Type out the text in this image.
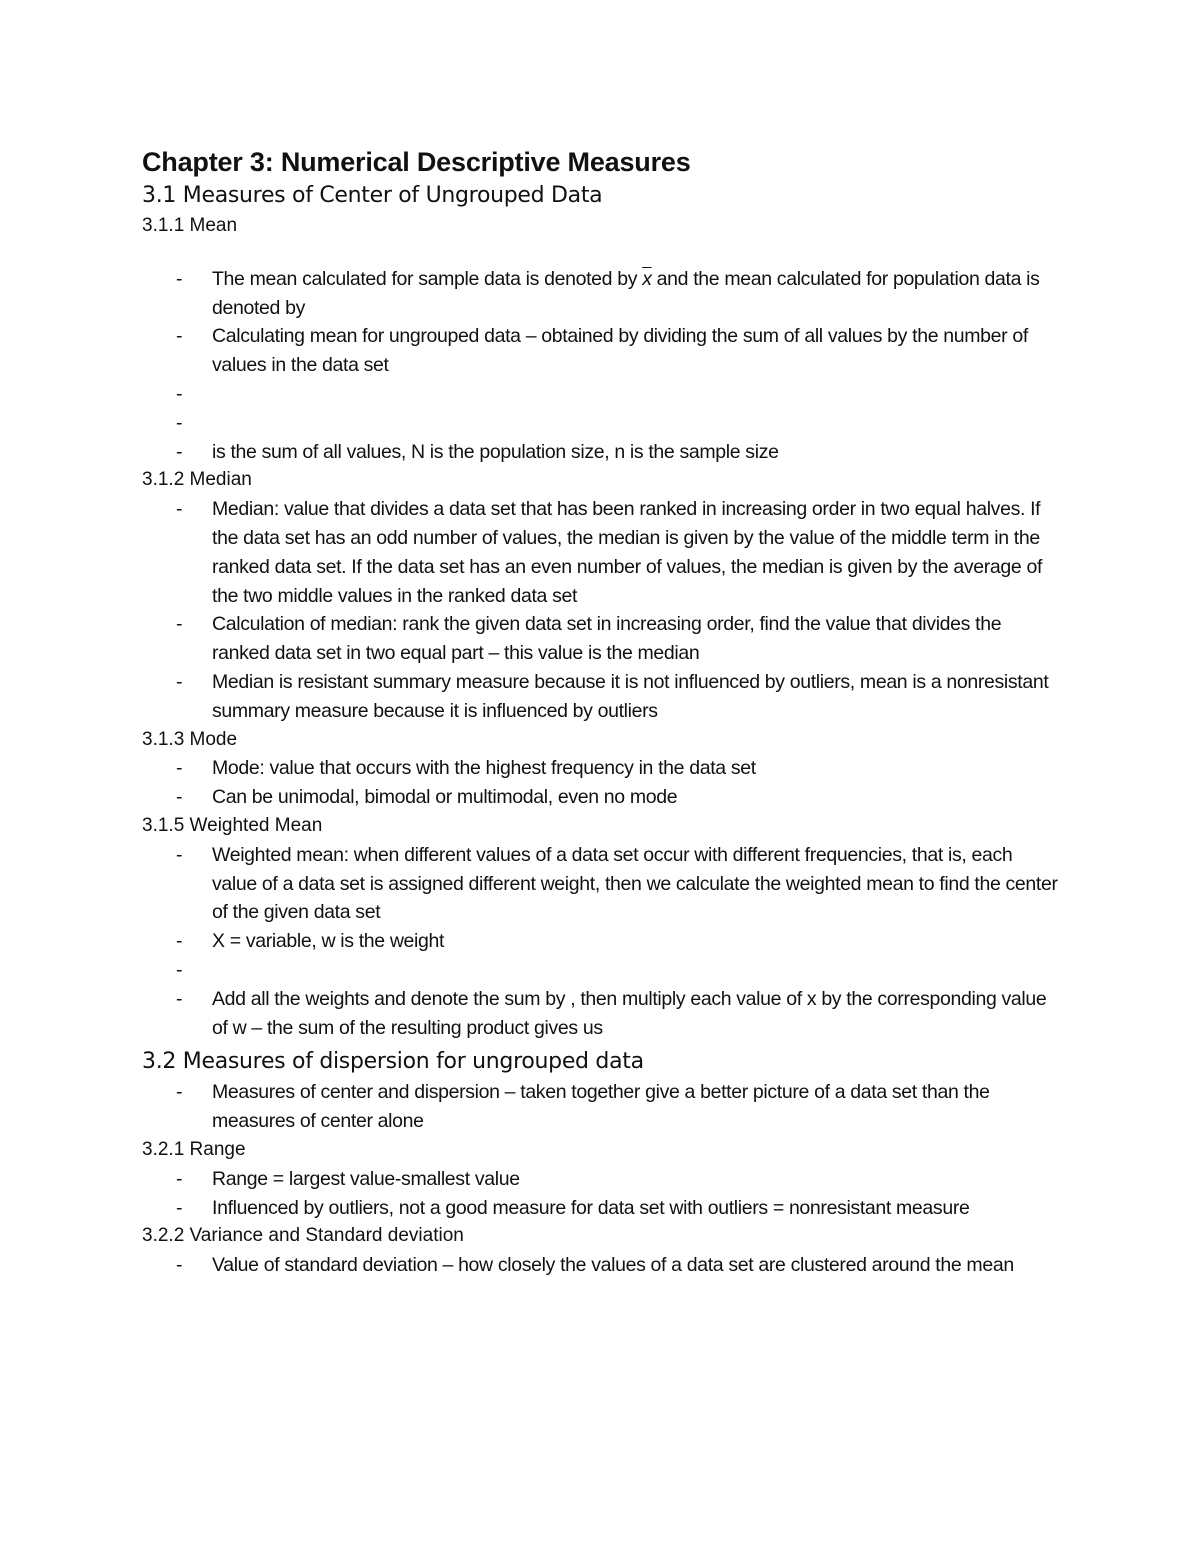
Chapter 3: Numerical Descriptive Measures
3.1 Measures of Center of Ungrouped Data
3.1.1 Mean
- The mean calculated for sample data is denoted by $\overline{x}$ and the mean calculated for population data is denoted by
- Calculating mean for ungrouped data – obtained by dividing the sum of all values by the number of values in the data set
-
-
- is the sum of all values, N is the population size, n is the sample size
3.1.2 Median
- Median: value that divides a data set that has been ranked in increasing order in two equal halves. If the data set has an odd number of values, the median is given by the value of the middle term in the ranked data set. If the data set has an even number of values, the median is given by the average of the two middle values in the ranked data set
- Calculation of median: rank the given data set in increasing order, find the value that divides the ranked data set in two equal part – this value is the median
- Median is resistant summary measure because it is not influenced by outliers, mean is a nonresistant summary measure because it is influenced by outliers
3.1.3 Mode
- Mode: value that occurs with the highest frequency in the data set
- Can be unimodal, bimodal or multimodal, even no mode
3.1.5 Weighted Mean
- Weighted mean: when different values of a data set occur with different frequencies, that is, each value of a data set is assigned different weight, then we calculate the weighted mean to find the center of the given data set
- X = variable, w is the weight
-
- Add all the weights and denote the sum by , then multiply each value of x by the corresponding value of w – the sum of the resulting product gives us
3.2 Measures of dispersion for ungrouped data
- Measures of center and dispersion – taken together give a better picture of a data set than the measures of center alone
3.2.1 Range
- Range = largest value-smallest value
- Influenced by outliers, not a good measure for data set with outliers = nonresistant measure
3.2.2 Variance and Standard deviation
- Value of standard deviation – how closely the values of a data set are clustered around the mean
